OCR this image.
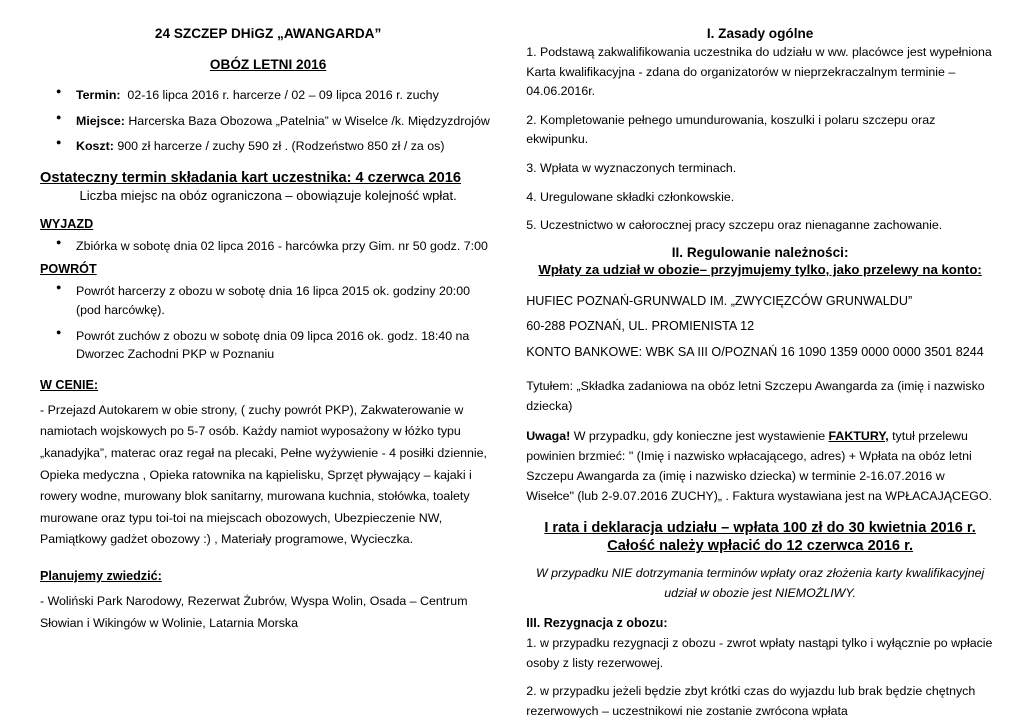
24 SZCZEP DHiGZ „AWANGARDA”
OBÓZ LETNI 2016
● Termin: 02-16 lipca 2016 r. harcerze / 02 – 09 lipca 2016 r. zuchy
● Miejsce: Harcerska Baza Obozowa „Patelnia” w Wiselce /k. Międzyzdrojów
● Koszt: 900 zł harcerze / zuchy 590 zł . (Rodzeństwo 850 zł / za os)
Ostateczny termin składania kart uczestnika: 4 czerwca 2016
Liczba miejsc na obóz ograniczona – obowiązuje kolejność wpłat.
WYJAZD
● Zbiórka w sobotę dnia 02 lipca 2016 - harcówka przy Gim. nr 50 godz. 7:00
POWRÓT
● Powrót harcerzy z obozu w sobotę dnia 16 lipca 2015 ok. godziny 20:00 (pod harcówkę).
● Powrót zuchów z obozu w sobotę dnia 09 lipca 2016 ok. godz. 18:40 na Dworzec Zachodni PKP w Poznaniu
W CENIE:
- Przejazd Autokarem w obie strony, ( zuchy powrót PKP), Zakwaterowanie w namiotach wojskowych po 5-7 osób. Każdy namiot wyposażony w łóżko typu „kanadyjka”, materac oraz regał na plecaki, Pełne wyżywienie - 4 posiłki dziennie, Opieka medyczna , Opieka ratownika na kąpielisku, Sprzęt pływający – kajaki i rowery wodne, murowany blok sanitarny, murowana kuchnia, stołówka, toalety murowane oraz typu toi-toi na miejscach obozowych, Ubezpieczenie NW, Pamiątkowy gadżet obozowy :) , Materiały programowe, Wycieczka.
Planujemy zwiedzić:
- Woliński Park Narodowy, Rezerwat Żubrów, Wyspa Wolin, Osada – Centrum Słowian i Wikingów w Wolinie, Latarnia Morska
I. Zasady ogólne

1. Podstawą zakwalifikowania uczestnika do udziału w ww. placówce jest wypełniona Karta kwalifikacyjna - zdana do organizatorów w nieprzekraczalnym terminie – 04.06.2016r.

2. Kompletowanie pełnego umundurowania, koszulki i polaru szczepu oraz ekwipunku.

3. Wpłata w wyznaczonych terminach.

4. Uregulowane składki członkowskie.

5. Uczestnictwo w całorocznej pracy szczepu oraz nienaganne zachowanie.

II. Regulowanie należności:
Wpłaty za udział w obozie– przyjmujemy tylko, jako przelewy na konto:

HUFIEC POZNAŃ-GRUNWALD IM. „ZWYCIĘZCÓW GRUNWALDU”

60-288 POZNAŃ, UL. PROMIENISTA 12

KONTO BANKOWE: WBK SA III O/POZNAŃ 16 1090 1359 0000 0000 3501 8244

Tytułem: „Składka zadaniowa na obóz letni Szczepu Awangarda za (imię i nazwisko dziecka)
Uwaga! W przypadku, gdy konieczne jest wystawienie FAKTURY, tytuł przelewu powinien brzmieć: " (Imię i nazwisko wpłacającego, adres) + Wpłata na obóz letni Szczepu Awangarda za (imię i nazwisko dziecka) w terminie 2-16.07.2016 w Wisełce" (lub 2-9.07.2016 ZUCHY)„ . Faktura wystawiana jest na WPŁACAJĄCEGO.
I rata i deklaracja udziału – wpłata 100 zł do 30 kwietnia 2016 r.
Całość należy wpłacić do 12 czerwca 2016 r.
W przypadku NIE dotrzymania terminów wpłaty oraz złożenia karty kwalifikacyjnej udział w obozie jest NIEMOŻLIWY.
III. Rezygnacja z obozu:

1. w przypadku rezygnacji z obozu - zwrot wpłaty nastąpi tylko i wyłącznie po wpłacie osoby z listy rezerwowej.

2. w przypadku jeżeli będzie zbyt krótki czas do wyjazdu lub brak będzie chętnych rezerwowych – uczestnikowi nie zostanie zwrócona wpłata
